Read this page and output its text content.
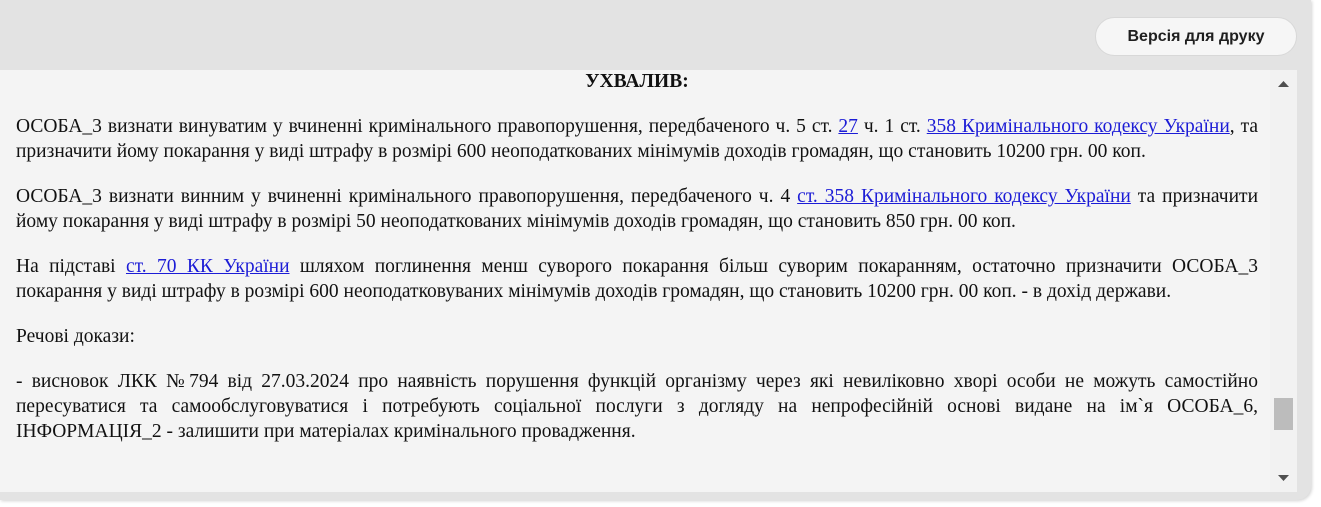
Версія для друку

УХВАЛИВ:

ОСОБА_3 визнати винуватим у вчиненні кримінального правопорушення, передбаченого ч. 5 ст. 27 ч. 1 ст. 358 Кримінального кодексу України, та призначити йому покарання у виді штрафу в розмірі 600 неоподаткованих мінімумів доходів громадян, що становить 10200 грн. 00 коп.

ОСОБА_3 визнати винним у вчиненні кримінального правопорушення, передбаченого ч. 4 ст. 358 Кримінального кодексу України та призначити йому покарання у виді штрафу в розмірі 50 неоподаткованих мінімумів доходів громадян, що становить 850 грн. 00 коп.

На підставі ст. 70 КК України шляхом поглинення менш суворого покарання більш суворим покаранням, остаточно призначити ОСОБА_3 покарання у виді штрафу в розмірі 600 неоподатковуваних мінімумів доходів громадян, що становить 10200 грн. 00 коп. - в дохід держави.

Речові докази:

- висновок ЛКК №794 від 27.03.2024 про наявність порушення функцій організму через які невиліковно хворі особи не можуть самостійно пересуватися та самообслуговуватися і потребують соціальної послуги з догляду на непрофесійній основі видане на ім`я ОСОБА_6, ІНФОРМАЦІЯ_2 - залишити при матеріалах кримінального провадження.
